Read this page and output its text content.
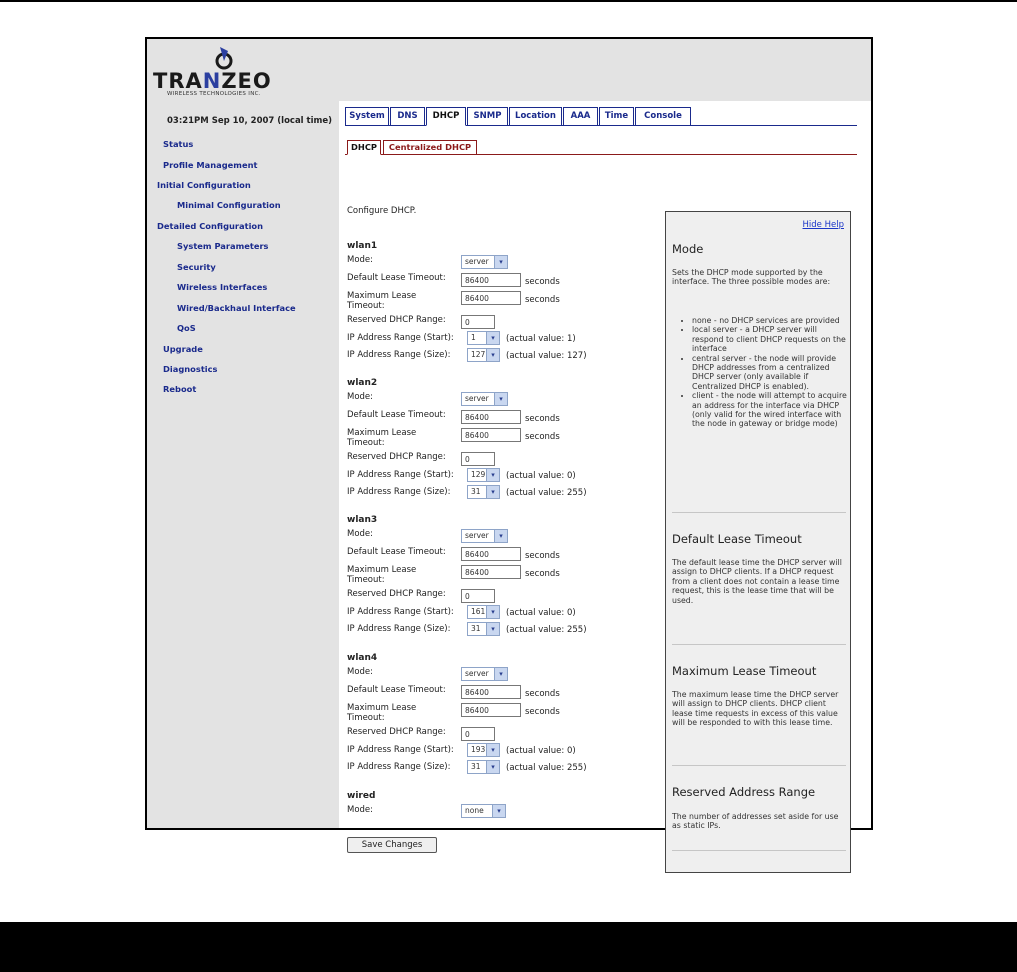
TRANZEO
WIRELESS TECHNOLOGIES INC.
03:21PM Sep 10, 2007 (local time)
Status
Profile Management
Initial Configuration
Minimal Configuration
Detailed Configuration
System Parameters
Security
Wireless Interfaces
Wired/Backhaul Interface
QoS
Upgrade
Diagnostics
Reboot
System	DNS	DHCP	SNMP	Location	AAA	Time	Console
DHCP	Centralized DHCP
Configure DHCP.
wlan1
Mode:	server	▾
Default Lease Timeout:	86400	seconds
Maximum Lease
Timeout:
86400	seconds
Reserved DHCP Range:	0
IP Address Range (Start):	1	▾	(actual value: 1)
IP Address Range (Size):	127 ▾	(actual value: 127)
wlan2
Mode:	server	▾
Default Lease Timeout:	86400	seconds
Maximum Lease
Timeout:
86400	seconds
Reserved DHCP Range:	0
IP Address Range (Start):	129 ▾	(actual value: 0)
IP Address Range (Size):	31	▾	(actual value: 255)
wlan3
Mode:	server	▾
Default Lease Timeout:	86400	seconds
Maximum Lease
Timeout:
86400	seconds
Reserved DHCP Range:	0
IP Address Range (Start):	161 ▾	(actual value: 0)
IP Address Range (Size):	31	▾	(actual value: 255)
wlan4
Mode:	server	▾
Default Lease Timeout:	86400	seconds
Maximum Lease
Timeout:
86400	seconds
Reserved DHCP Range:	0
IP Address Range (Start):	193 ▾	(actual value: 0)
IP Address Range (Size):	31	▾	(actual value: 255)
wired
Mode:	none	▾
Save Changes
Hide Help
Mode
Sets the DHCP mode supported by the interface. The three possible modes are:
• none - no DHCP services are provided
• local server - a DHCP server will respond to client DHCP requests on the interface
• central server - the node will provide DHCP addresses from a centralized DHCP server (only available if Centralized DHCP is enabled).
• client - the node will attempt to acquire an address for the interface via DHCP (only valid for the wired interface with the node in gateway or bridge mode)
Default Lease Timeout
The default lease time the DHCP server will assign to DHCP clients. If a DHCP request from a client does not contain a lease time request, this is the lease time that will be used.
Maximum Lease Timeout
The maximum lease time the DHCP server will assign to DHCP clients. DHCP client lease time requests in excess of this value will be responded to with this lease time.
Reserved Address Range
The number of addresses set aside for use as static IPs.
